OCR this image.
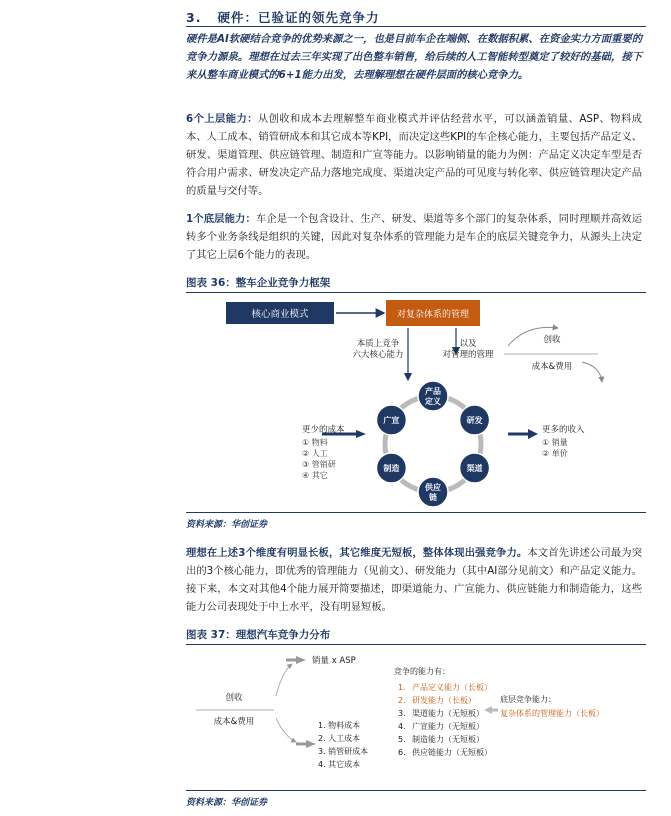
3. 硬件：已验证的领先竞争力

硬件是AI软硬结合竞争的优势来源之一，也是目前车企在端侧、在数据积累、在资金实力方面重要的竞争力源泉。理想在过去三年实现了出色整车销售，给后续的人工智能转型奠定了较好的基础，接下来从整车商业模式的6+1能力出发，去理解理想在硬件层面的核心竞争力。

6个上层能力：从创收和成本去理解整车商业模式并评估经营水平，可以涵盖销量、ASP、物料成本、人工成本、销管研成本和其它成本等KPI，而决定这些KPI的车企核心能力，主要包括产品定义、研发、渠道管理、供应链管理、制造和广宣等能力。以影响销量的能力为例：产品定义决定车型是否符合用户需求、研发决定产品力落地完成度、渠道决定产品的可见度与转化率、供应链管理决定产品的质量与交付等。

1个底层能力：车企是一个包含设计、生产、研发、渠道等多个部门的复杂体系，同时理顺并高效运转多个业务条线是组织的关键，因此对复杂体系的管理能力是车企的底层关键竞争力，从源头上决定了其它上层6个能力的表现。

图表 36：整车企业竞争力框架
核心商业模式	对复杂体系的管理
本质上竞争
六大核心能力
以及
对管理的管理
创收
成本&费用
产品
定义
研发
渠道
供应
链
制造
广宣
更少的成本
① 物料
② 人工
③ 管销研
④ 其它
更多的收入
① 销量
② 单价
资料来源：华创证券

理想在上述3个维度有明显长板，其它维度无短板，整体体现出强竞争力。本文首先讲述公司最为突出的3个核心能力，即优秀的管理能力（见前文）、研发能力（其中AI部分见前文）和产品定义能力。接下来，本文对其他4个能力展开简要描述，即渠道能力、广宣能力、供应链能力和制造能力，这些能力公司表现处于中上水平，没有明显短板。

图表 37：理想汽车竞争力分布
销量 x ASP
创收
成本&费用	1. 物料成本
2. 人工成本
3. 销管研成本
4. 其它成本
竞争的能力有：
1. 产品定义能力（长板）
2. 研发能力（长板）
3. 渠道能力（无短板）
4. 广宣能力（无短板）
5. 制造能力（无短板）
6. 供应链能力（无短板）
底层竞争能力：
复杂体系的管理能力（长板）
资料来源：华创证券
